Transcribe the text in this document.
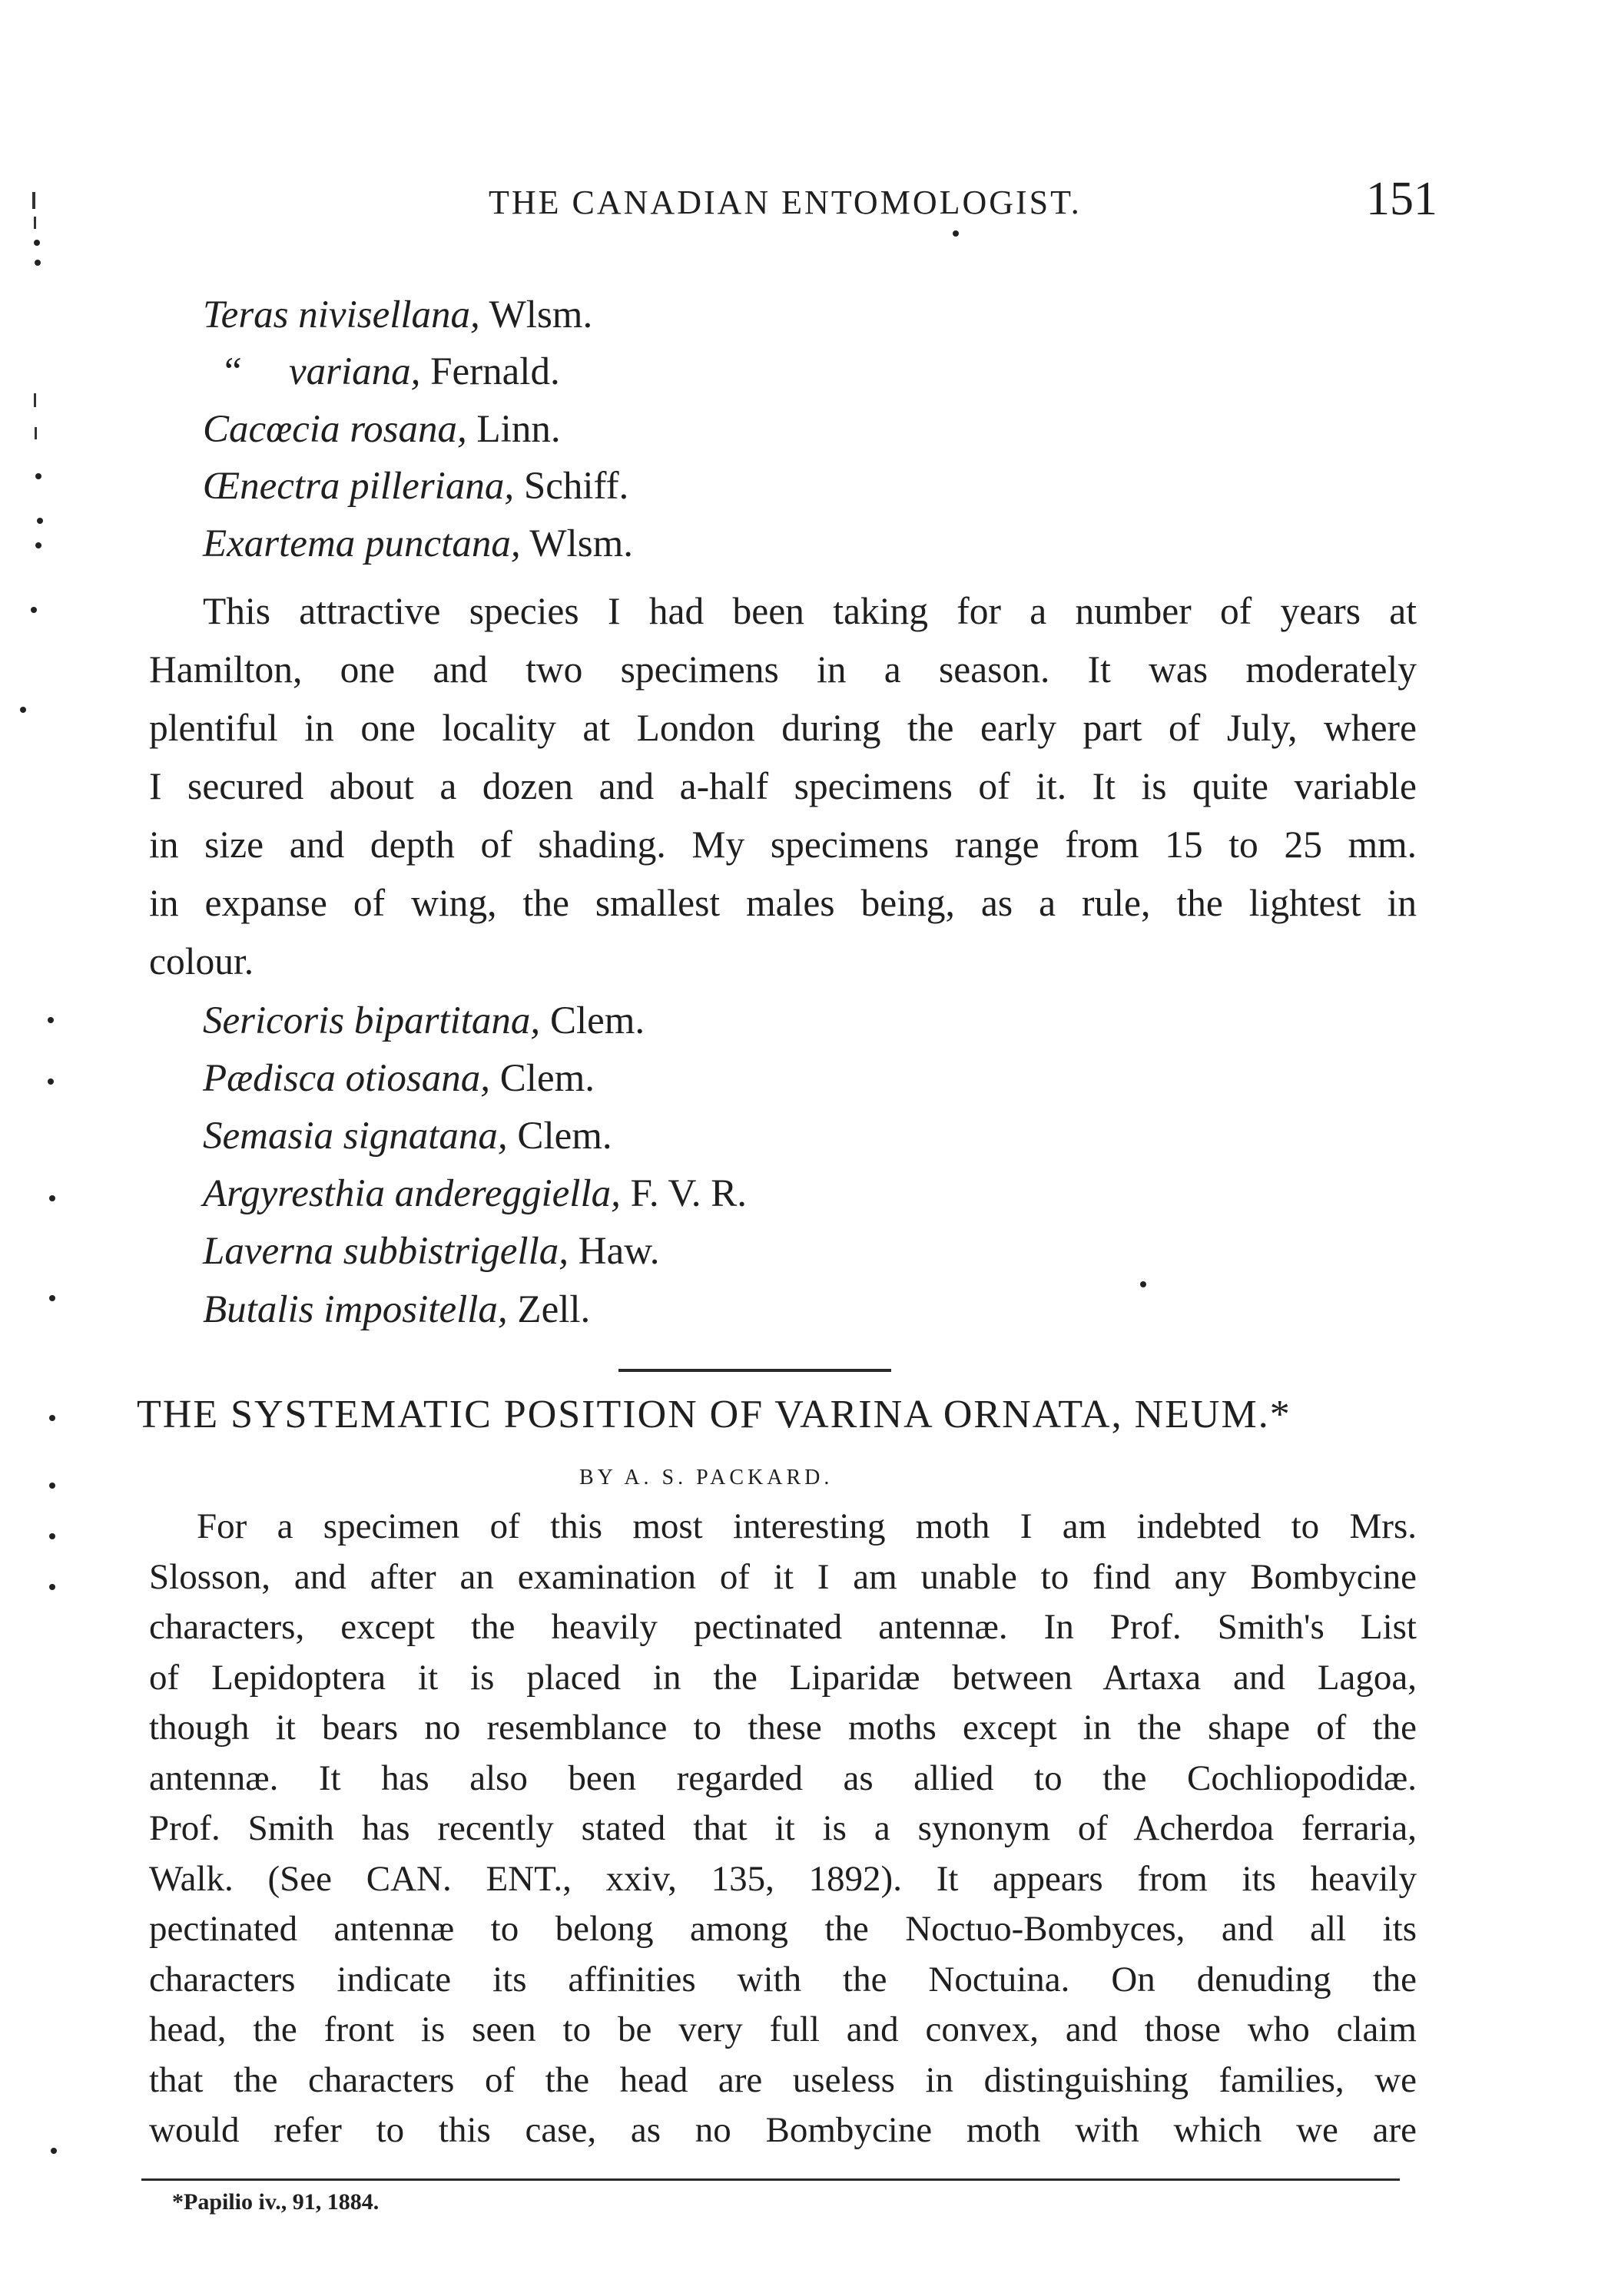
THE CANADIAN ENTOMOLOGIST.	151
Teras nivisellana, Wlsm.
“ variana, Fernald.
Cacœcia rosana, Linn.
Œnectra pilleriana, Schiff.
Exartema punctana, Wlsm.
This attractive species I had been taking for a number of years at
Hamilton, one and two specimens in a season. It was moderately
plentiful in one locality at London during the early part of July, where
I secured about a dozen and a-half specimens of it. It is quite variable
in size and depth of shading. My specimens range from 15 to 25 mm.
in expanse of wing, the smallest males being, as a rule, the lightest in
colour.
Sericoris bipartitana, Clem.
Pædisca otiosana, Clem.
Semasia signatana, Clem.
Argyresthia andereggiella, F. V. R.
Laverna subbistrigella, Haw.
Butalis impositella, Zell.
THE SYSTEMATIC POSITION OF VARINA ORNATA, NEUM.*
BY A. S. PACKARD.
For a specimen of this most interesting moth I am indebted to Mrs.
Slosson, and after an examination of it I am unable to find any Bombycine
characters, except the heavily pectinated antennæ. In Prof. Smith's List
of Lepidoptera it is placed in the Liparidæ between Artaxa and Lagoa,
though it bears no resemblance to these moths except in the shape of the
antennæ. It has also been regarded as allied to the Cochliopodidæ.
Prof. Smith has recently stated that it is a synonym of Acherdoa ferraria,
Walk. (See CAN. ENT., xxiv, 135, 1892). It appears from its heavily
pectinated antennæ to belong among the Noctuo-Bombyces, and all its
characters indicate its affinities with the Noctuina. On denuding the
head, the front is seen to be very full and convex, and those who claim
that the characters of the head are useless in distinguishing families, we
would refer to this case, as no Bombycine moth with which we are
*Papilio iv., 91, 1884.
